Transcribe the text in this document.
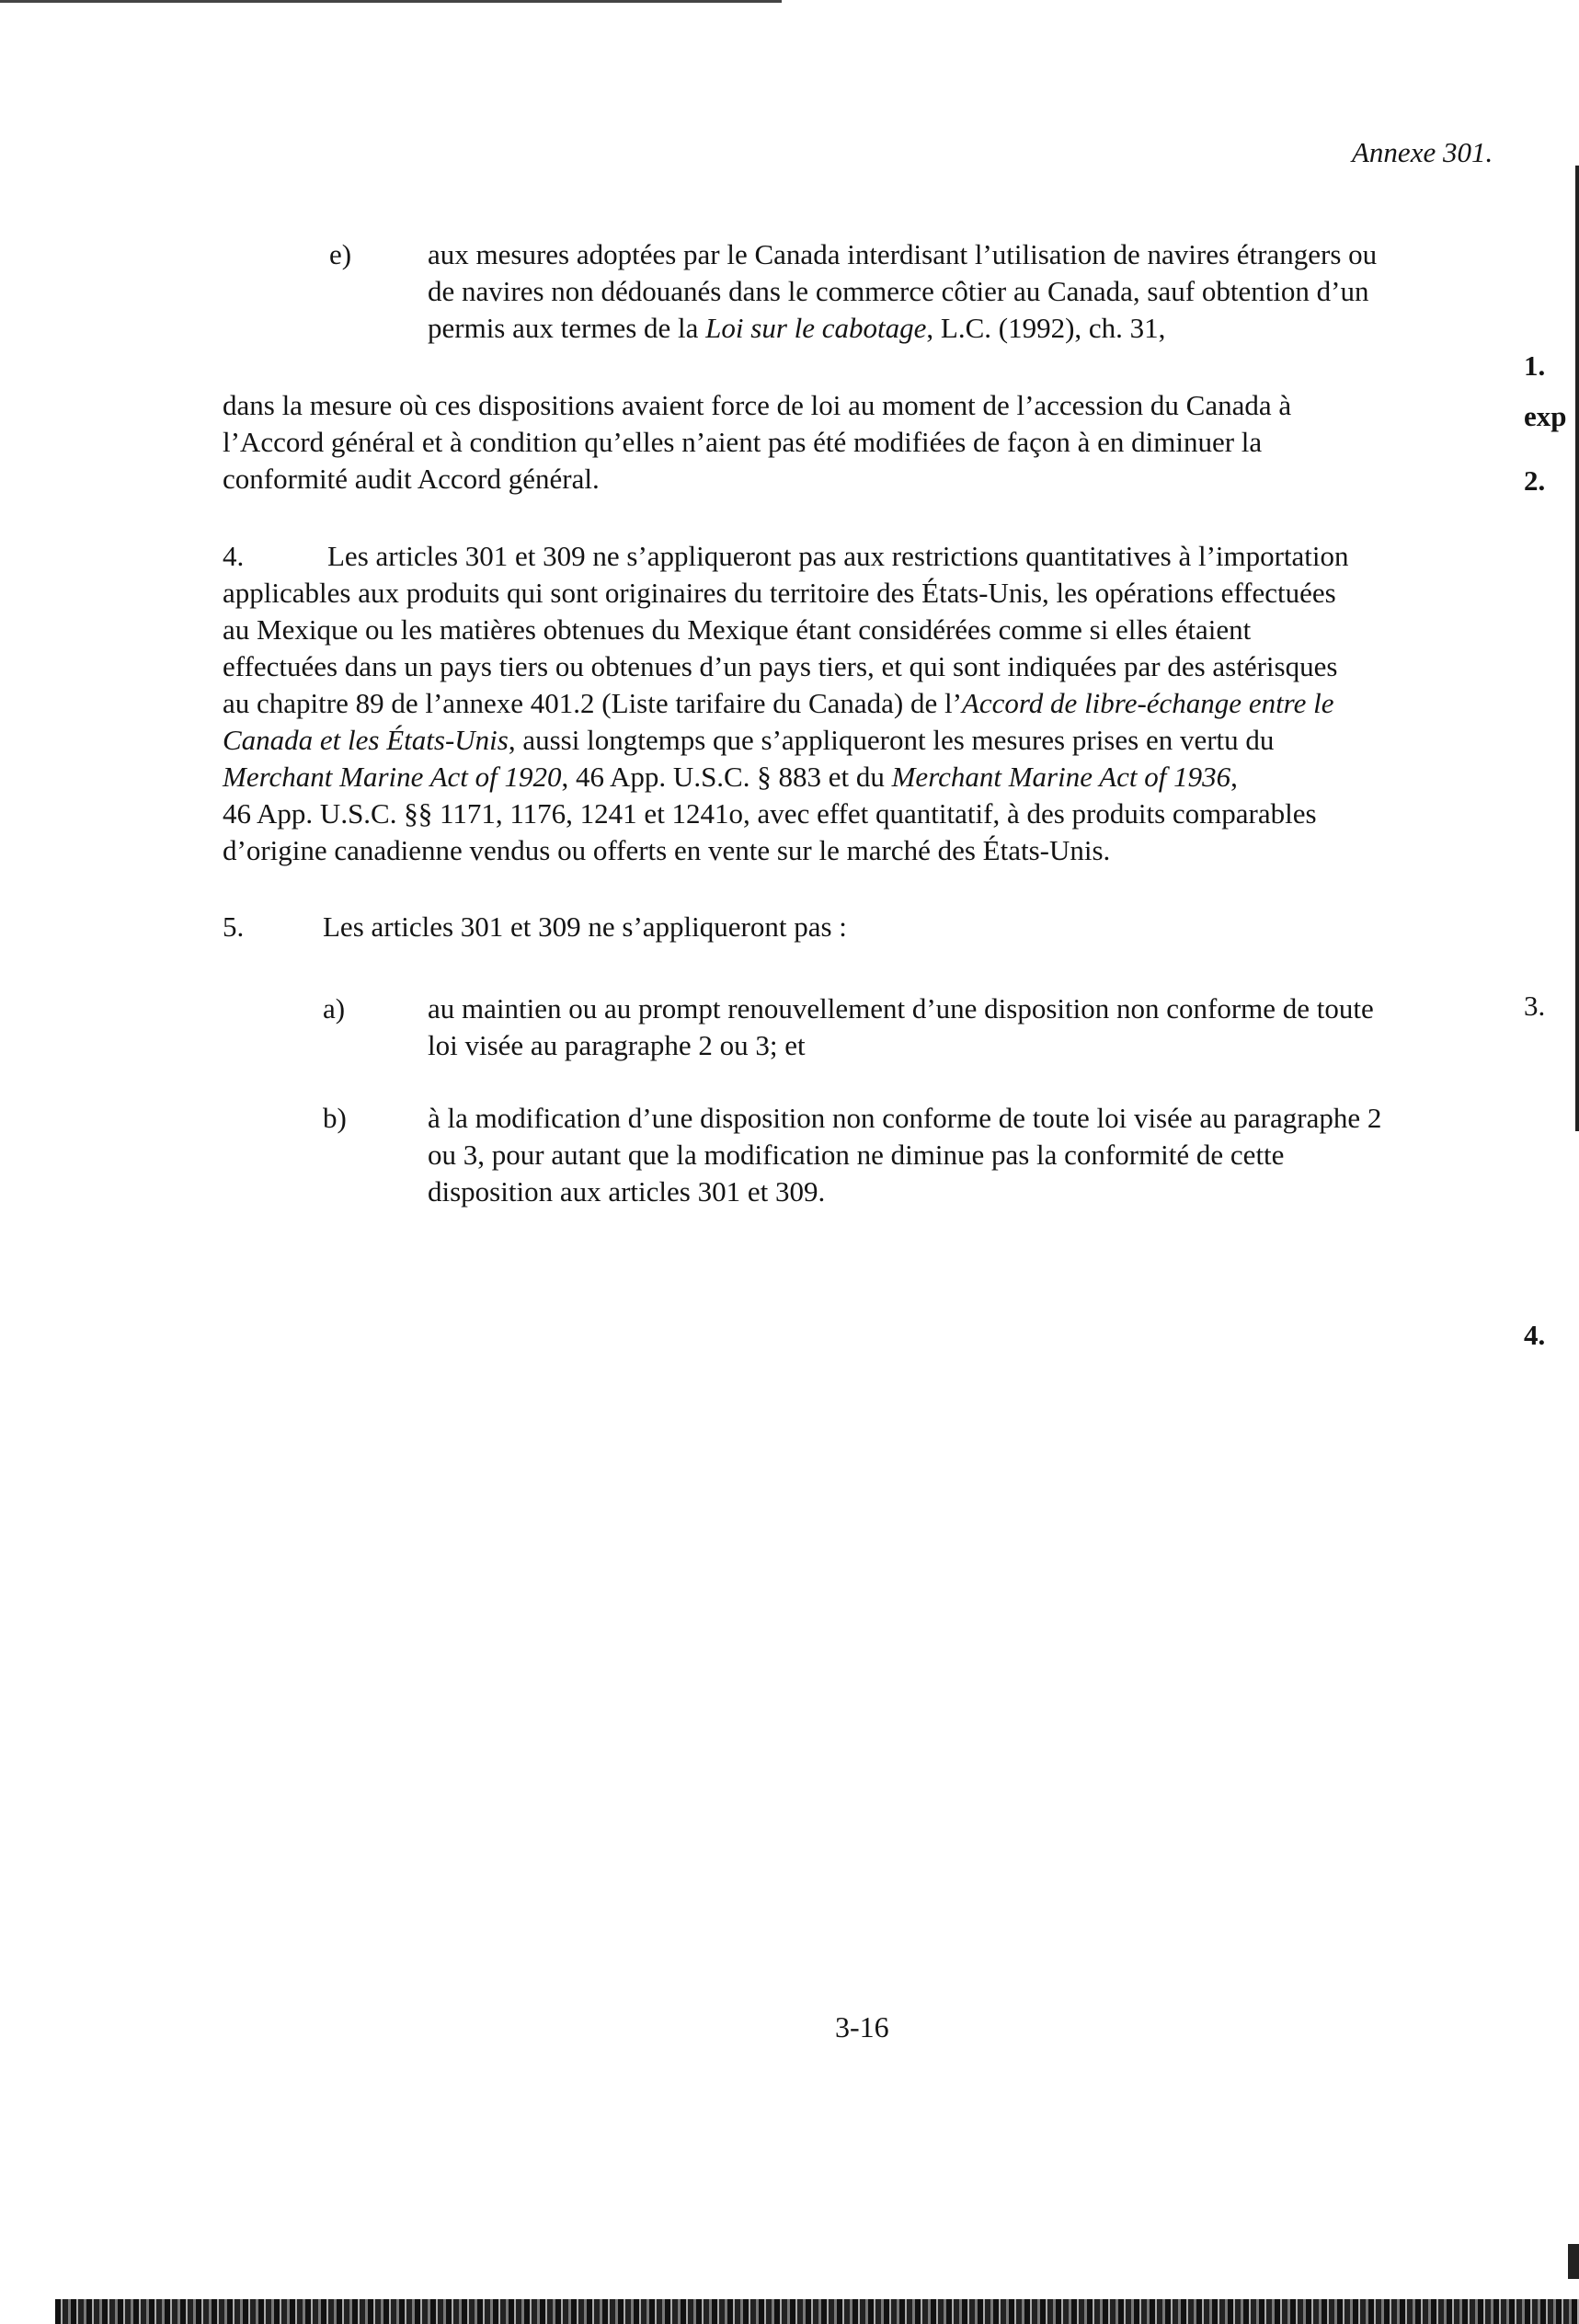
Annexe 301.
e)	aux mesures adoptées par le Canada interdisant l’utilisation de navires étrangers ou
de navires non dédouanés dans le commerce côtier au Canada, sauf obtention d’un
permis aux termes de la Loi sur le cabotage, L.C. (1992), ch. 31,
dans la mesure où ces dispositions avaient force de loi au moment de l’accession du Canada à
l’Accord général et à condition qu’elles n’aient pas été modifiées de façon à en diminuer la
conformité audit Accord général.
4.	Les articles 301 et 309 ne s’appliqueront pas aux restrictions quantitatives à l’importation
applicables aux produits qui sont originaires du territoire des États-Unis, les opérations effectuées
au Mexique ou les matières obtenues du Mexique étant considérées comme si elles étaient
effectuées dans un pays tiers ou obtenues d’un pays tiers, et qui sont indiquées par des astérisques
au chapitre 89 de l’annexe 401.2 (Liste tarifaire du Canada) de l’Accord de libre-échange entre le
Canada et les États-Unis, aussi longtemps que s’appliqueront les mesures prises en vertu du
Merchant Marine Act of 1920, 46 App. U.S.C. § 883 et du Merchant Marine Act of 1936,
46 App. U.S.C. §§ 1171, 1176, 1241 et 1241o, avec effet quantitatif, à des produits comparables
d’origine canadienne vendus ou offerts en vente sur le marché des États-Unis.
5.	Les articles 301 et 309 ne s’appliqueront pas :
a)	au maintien ou au prompt renouvellement d’une disposition non conforme de toute
loi visée au paragraphe 2 ou 3; et
b)	à la modification d’une disposition non conforme de toute loi visée au paragraphe 2
ou 3, pour autant que la modification ne diminue pas la conformité de cette
disposition aux articles 301 et 309.
1.
exp
2.
3.
4.
3-16
